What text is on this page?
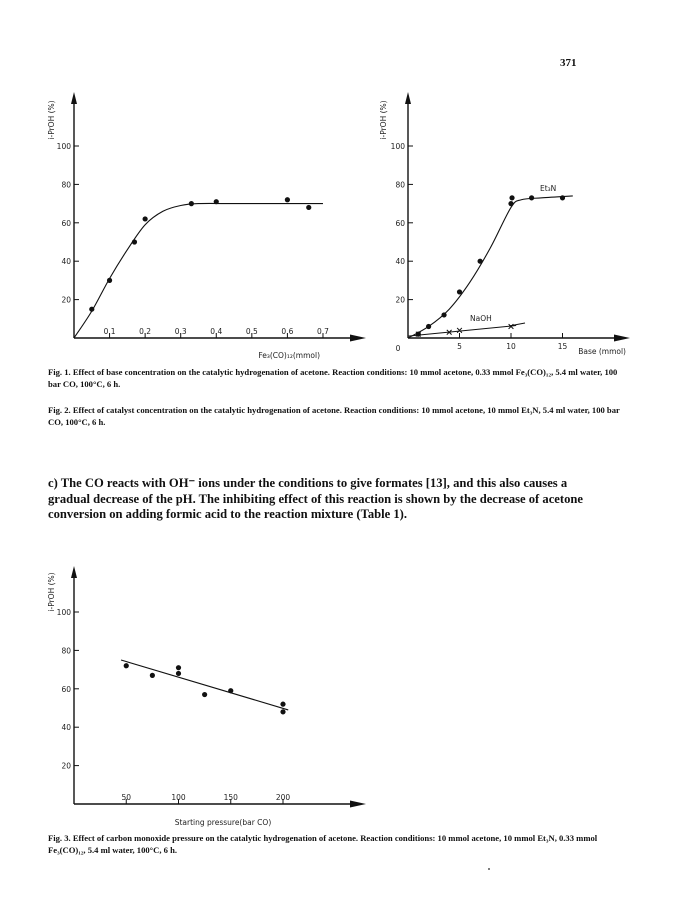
371
i-PrOH (%)
20
40
60
80
100
0.1	0.2	0.3	0.4	0.5	0.6	0.7
Fe₃(CO)₁₂(mmol)
i-PrOH (%)
0
20
40
60
80
100
5	10	15
Et₃N
NaOH
Base (mmol)
Fig. 1. Effect of base concentration on the catalytic hydrogenation of acetone. Reaction conditions: 10 mmol acetone, 0.33 mmol Fe₃(CO)₁₂, 5.4 ml water, 100 bar CO, 100°C, 6 h.
Fig. 2. Effect of catalyst concentration on the catalytic hydrogenation of acetone. Reaction conditions: 10 mmol acetone, 10 mmol Et₃N, 5.4 ml water, 100 bar CO, 100°C, 6 h.
c) The CO reacts with OH⁻ ions under the conditions to give formates [13], and this also causes a gradual decrease of the pH. The inhibiting effect of this reaction is shown by the decrease of acetone conversion on adding formic acid to the reaction mixture (Table 1).
i-PrOH (%)
20
40
60
80
100
50	100	150	200
Starting pressure(bar CO)
Fig. 3. Effect of carbon monoxide pressure on the catalytic hydrogenation of acetone. Reaction conditions: 10 mmol acetone, 10 mmol Et₃N, 0.33 mmol Fe₃(CO)₁₂, 5.4 ml water, 100°C, 6 h.
